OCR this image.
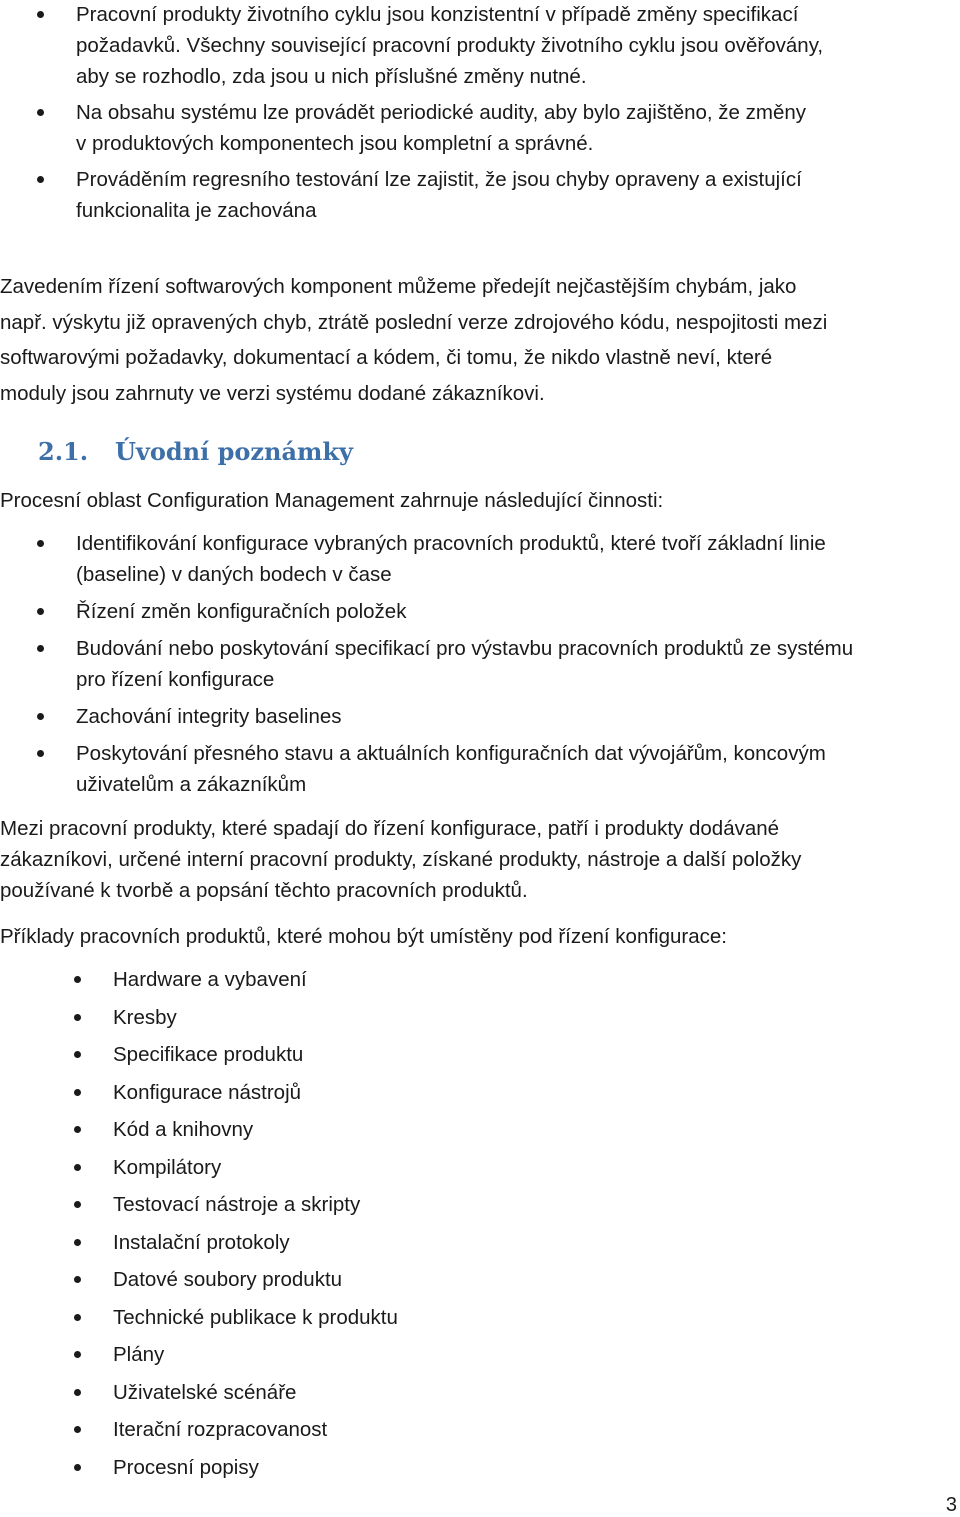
Pracovní produkty životního cyklu jsou konzistentní v případě změny specifikací
požadavků. Všechny související pracovní produkty životního cyklu jsou ověřovány,
aby se rozhodlo, zda jsou u nich příslušné změny nutné.
Na obsahu systému lze provádět periodické audity, aby bylo zajištěno, že změny
v produktových komponentech jsou kompletní a správné.
Prováděním regresního testování lze zajistit, že jsou chyby opraveny a existující
funkcionalita je zachována

Zavedením řízení softwarových komponent můžeme předejít nejčastějším chybám, jako
např. výskytu již opravených chyb, ztrátě poslední verze zdrojového kódu, nespojitosti mezi
softwarovými požadavky, dokumentací a kódem, či tomu, že nikdo vlastně neví, které
moduly jsou zahrnuty ve verzi systému dodané zákazníkovi.

2.1. Úvodní poznámky

Procesní oblast Configuration Management zahrnuje následující činnosti:

Identifikování konfigurace vybraných pracovních produktů, které tvoří základní linie
(baseline) v daných bodech v čase
Řízení změn konfiguračních položek
Budování nebo poskytování specifikací pro výstavbu pracovních produktů ze systému
pro řízení konfigurace
Zachování integrity baselines
Poskytování přesného stavu a aktuálních konfiguračních dat vývojářům, koncovým
uživatelům a zákazníkům

Mezi pracovní produkty, které spadají do řízení konfigurace, patří i produkty dodávané
zákazníkovi, určené interní pracovní produkty, získané produkty, nástroje a další položky
používané k tvorbě a popsání těchto pracovních produktů.

Příklady pracovních produktů, které mohou být umístěny pod řízení konfigurace:

Hardware a vybavení
Kresby
Specifikace produktu
Konfigurace nástrojů
Kód a knihovny
Kompilátory
Testovací nástroje a skripty
Instalační protokoly
Datové soubory produktu
Technické publikace k produktu
Plány
Uživatelské scénáře
Iterační rozpracovanost
Procesní popisy
3
